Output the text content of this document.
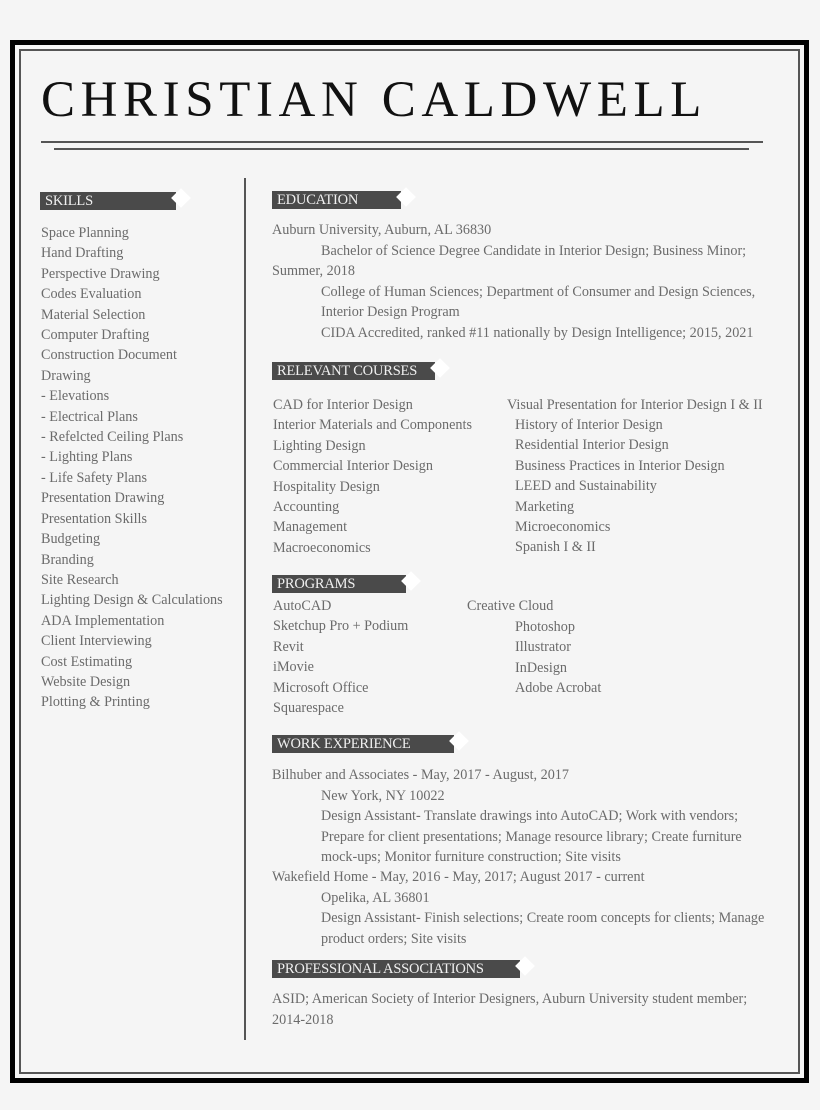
CHRISTIAN CALDWELL
SKILLS
Space Planning
Hand Drafting
Perspective Drawing
Codes Evaluation
Material Selection
Computer Drafting
Construction Document
Drawing
- Elevations
- Electrical Plans
- Refelcted Ceiling Plans
- Lighting Plans
- Life Safety Plans
Presentation Drawing
Presentation Skills
Budgeting
Branding
Site Research
Lighting Design & Calculations
ADA Implementation
Client Interviewing
Cost Estimating
Website Design
Plotting & Printing
EDUCATION
Auburn University, Auburn, AL 36830
Bachelor of Science Degree Candidate in Interior Design; Business Minor;
Summer, 2018
College of Human Sciences; Department of Consumer and Design Sciences,
Interior Design Program
CIDA Accredited, ranked #11 nationally by Design Intelligence; 2015, 2021
RELEVANT COURSES
CAD for Interior Design
Interior Materials and Components
Lighting Design
Commercial Interior Design
Hospitality Design
Accounting
Management
Macroeconomics
Visual Presentation for Interior Design I & II
History of Interior Design
Residential Interior Design
Business Practices in Interior Design
LEED and Sustainability
Marketing
Microeconomics
Spanish I & II
PROGRAMS
AutoCAD
Sketchup Pro + Podium
Revit
iMovie
Microsoft Office
Squarespace
Creative Cloud
Photoshop
Illustrator
InDesign
Adobe Acrobat
WORK EXPERIENCE
Bilhuber and Associates - May, 2017 - August, 2017
New York, NY 10022
Design Assistant- Translate drawings into AutoCAD; Work with vendors;
Prepare for client presentations; Manage resource library; Create furniture
mock-ups; Monitor furniture construction; Site visits
Wakefield Home - May, 2016 - May, 2017; August 2017 - current
Opelika, AL 36801
Design Assistant- Finish selections; Create room concepts for clients; Manage
product orders; Site visits
PROFESSIONAL ASSOCIATIONS
ASID; American Society of Interior Designers, Auburn University student member;
2014-2018
